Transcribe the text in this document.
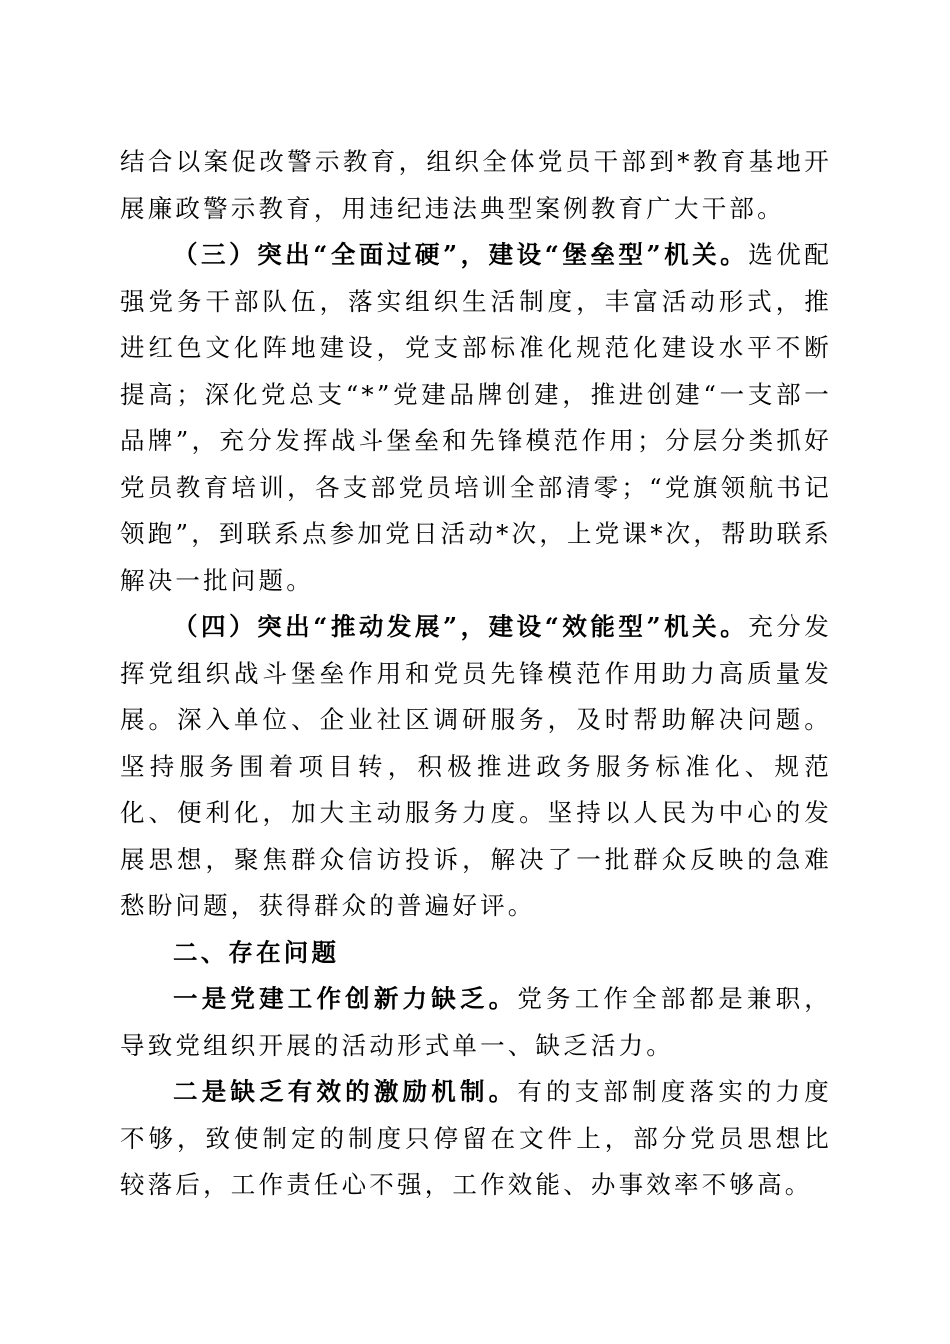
结合以案促改警示教育，组织全体党员干部到*教育基地开展廉政警示教育，用违纪违法典型案例教育广大干部。

（三）突出“全面过硬”，建设“堡垒型”机关。选优配强党务干部队伍，落实组织生活制度，丰富活动形式，推进红色文化阵地建设，党支部标准化规范化建设水平不断提高；深化党总支“*”党建品牌创建，推进创建“一支部一品牌”，充分发挥战斗堡垒和先锋模范作用；分层分类抓好党员教育培训，各支部党员培训全部清零；“党旗领航书记领跑”，到联系点参加党日活动*次，上党课*次，帮助联系解决一批问题。

（四）突出“推动发展”，建设“效能型”机关。充分发挥党组织战斗堡垒作用和党员先锋模范作用助力高质量发展。深入单位、企业社区调研服务，及时帮助解决问题。坚持服务围着项目转，积极推进政务服务标准化、规范化、便利化，加大主动服务力度。坚持以人民为中心的发展思想，聚焦群众信访投诉，解决了一批群众反映的急难愁盼问题，获得群众的普遍好评。

二、存在问题

一是党建工作创新力缺乏。党务工作全部都是兼职，导致党组织开展的活动形式单一、缺乏活力。

二是缺乏有效的激励机制。有的支部制度落实的力度不够，致使制定的制度只停留在文件上，部分党员思想比较落后，工作责任心不强，工作效能、办事效率不够高。
